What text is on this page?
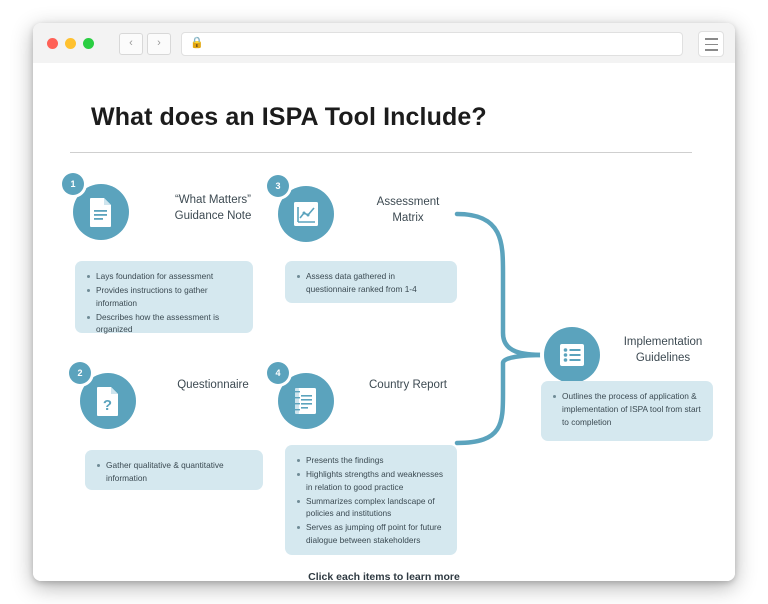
‹	›	🔒
What does an ISPA Tool Include?
1
“What Matters”
Guidance Note
Lays foundation for assessment
Provides instructions to gather information
Describes how the assessment is organized
2
?
Questionnaire
Gather qualitative & quantitative information
3
Assessment
Matrix
Assess data gathered in questionnaire ranked from 1-4
4
Country Report
Presents the findings
Highlights strengths and weaknesses in relation to good practice
Summarizes complex landscape of policies and institutions
Serves as jumping off point for future dialogue between stakeholders
Implementation
Guidelines
Outlines the process of application & implementation of ISPA tool from start to completion
Click each items to learn more
